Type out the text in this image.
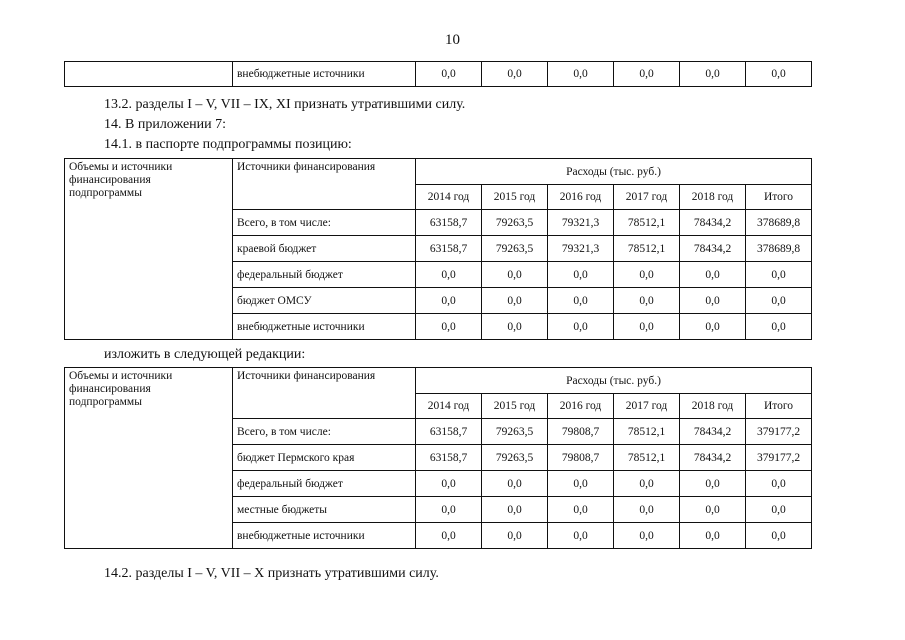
10
	внебюджетные источники	0,0	0,0	0,0	0,0	0,0	0,0
13.2. разделы I – V, VII – IX, XI признать утратившими силу.
14. В приложении 7:
14.1. в паспорте подпрограммы позицию:
Объемы и источники
финансирования
подпрограммы	Источники финансирования	Расходы (тыс. руб.)					
		2014 год	2015 год	2016 год	2017 год	2018 год	Итого
	Всего, в том числе:	63158,7	79263,5	79321,3	78512,1	78434,2	378689,8
	краевой бюджет	63158,7	79263,5	79321,3	78512,1	78434,2	378689,8
	федеральный бюджет	0,0	0,0	0,0	0,0	0,0	0,0
	бюджет ОМСУ	0,0	0,0	0,0	0,0	0,0	0,0
	внебюджетные источники	0,0	0,0	0,0	0,0	0,0	0,0
изложить в следующей редакции:
Объемы и источники
финансирования
подпрограммы	Источники финансирования	Расходы (тыс. руб.)					
		2014 год	2015 год	2016 год	2017 год	2018 год	Итого
	Всего, в том числе:	63158,7	79263,5	79808,7	78512,1	78434,2	379177,2
	бюджет Пермского края	63158,7	79263,5	79808,7	78512,1	78434,2	379177,2
	федеральный бюджет	0,0	0,0	0,0	0,0	0,0	0,0
	местные бюджеты	0,0	0,0	0,0	0,0	0,0	0,0
	внебюджетные источники	0,0	0,0	0,0	0,0	0,0	0,0
14.2. разделы I – V, VII – X признать утратившими силу.
